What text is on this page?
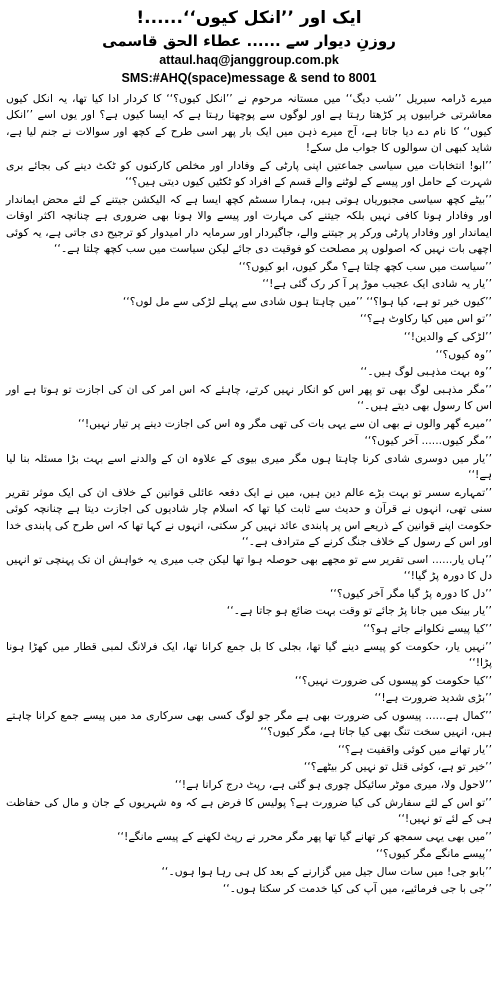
ایک اور ’’انکل کیوں‘‘......!
روزنِ دیوار سے ...... عطاء الحق قاسمی
attaul.haq@janggroup.com.pk
SMS:#AHQ(space)message & send to 8001

میرے ڈرامہ سیریل ’’شب دیگ‘‘ میں مستانہ مرحوم نے ’’انکل کیوں؟‘‘ کا کردار ادا کیا تھا، یہ انکل کیوں معاشرتی خرابیوں پر کڑھتا رہتا ہے اور لوگوں سے پوچھتا رہتا ہے کہ ایسا کیوں ہے؟ اور یوں اسے ’’انکل کیوں‘‘ کا نام دے دیا جاتا ہے، آج میرے ذہن میں ایک بار پھر اسی طرح کے کچھ اور سوالات نے جنم لیا ہے، شاید کبھی ان سوالوں کا جواب مل سکے!

’’ابو! انتخابات میں سیاسی جماعتیں اپنی پارٹی کے وفادار اور مخلص کارکنوں کو ٹکٹ دینے کی بجائے بری شہرت کے حامل اور پیسے کے لوٹنے والے قسم کے افراد کو ٹکٹیں کیوں دیتی ہیں؟‘‘

’’بیٹے کچھ سیاسی مجبوریاں ہوتی ہیں، ہمارا سسٹم کچھ ایسا ہے کہ الیکشن جیتنے کے لئے محض ایماندار اور وفادار ہونا کافی نہیں بلکہ جیتنے کی مہارت اور پیسے والا ہونا بھی ضروری ہے چنانچہ اکثر اوقات ایماندار اور وفادار پارٹی ورکر پر جیتنے والے، جاگیردار اور سرمایہ دار امیدوار کو ترجیح دی جاتی ہے، یہ کوئی اچھی بات نہیں کہ اصولوں پر مصلحت کو فوقیت دی جائے لیکن سیاست میں سب کچھ چلتا ہے۔‘‘

’’سیاست میں سب کچھ چلتا ہے؟ مگر کیوں، ابو کیوں؟‘‘

’’یار یہ شادی ایک عجیب موڑ پر آ کر رک گئی ہے!‘‘

’’کیوں خیر تو ہے، کیا ہوا؟‘‘ ’’میں چاہتا ہوں شادی سے پہلے لڑکی سے مل لوں؟‘‘

’’تو اس میں کیا رکاوٹ ہے؟‘‘

’’لڑکی کے والدین!‘‘

’’وہ کیوں؟‘‘

’’وہ بہت مذہبی لوگ ہیں۔‘‘

’’مگر مذہبی لوگ بھی تو پھر اس کو انکار نہیں کرتے، چاہئے کہ اس امر کی ان کی اجازت تو ہوتا ہے اور اس کا رسول بھی دیتے ہیں۔‘‘

’’میرے گھر والوں نے بھی ان سے یہی بات کی تھی مگر وہ اس کی اجازت دینے پر تیار نہیں!‘‘

’’مگر کیوں...... آخر کیوں؟‘‘

’’یار میں دوسری شادی کرنا چاہتا ہوں مگر میری بیوی کے علاوہ ان کے والدنے اسے بہت بڑا مسئلہ بنا لیا ہے!‘‘

’’تمہارے سسر تو بہت بڑے عالم دین ہیں، میں نے ایک دفعہ عائلی قوانین کے خلاف ان کی ایک موثر تقریر سنی تھی، انہوں نے قرآن و حدیث سے ثابت کیا تھا کہ اسلام چار شادیوں کی اجازت دیتا ہے چنانچہ کوئی حکومت اپنے قوانین کے ذریعے اس پر پابندی عائد نہیں کر سکتی، انہوں نے کہا تھا کہ اس طرح کی پابندی خدا اور اس کے رسول کے خلاف جنگ کرنے کے مترادف ہے۔‘‘

’’ہاں یار...... اسی تقریر سے تو مجھے بھی حوصلہ ہوا تھا لیکن جب میری یہ خواہش ان تک پہنچی تو انہیں دل کا دورہ پڑ گیا!‘‘

’’دل کا دورہ پڑ گیا مگر آخر کیوں؟‘‘

’’یار بینک میں جانا پڑ جائے تو وقت بہت ضائع ہو جاتا ہے۔‘‘

’’کیا پیسے نکلوانے جاتے ہو؟‘‘

’’نہیں یار، حکومت کو پیسے دینے گیا تھا، بجلی کا بل جمع کرانا تھا، ایک فرلانگ لمبی قطار میں کھڑا ہونا پڑا!‘‘

’’کیا حکومت کو پیسوں کی ضرورت نہیں؟‘‘

’’بڑی شدید ضرورت ہے!‘‘

’’کمال ہے...... پیسوں کی ضرورت بھی ہے مگر جو لوگ کسی بھی سرکاری مد میں پیسے جمع کرانا چاہتے ہیں، انہیں سخت تنگ بھی کیا جاتا ہے، مگر کیوں؟‘‘

’’یار تھانے میں کوئی واقفیت ہے؟‘‘

’’خیر تو ہے، کوئی قتل تو نہیں کر بیٹھے؟‘‘

’’لاحول ولا، میری موٹر سائیکل چوری ہو گئی ہے، رپٹ درج کرانا ہے!‘‘

’’تو اس کے لئے سفارش کی کیا ضرورت ہے؟ پولیس کا فرض ہے کہ وہ شہریوں کے جان و مال کی حفاظت ہی کے لئے تو نہیں!‘‘

’’میں بھی یہی سمجھ کر تھانے گیا تھا پھر مگر محرر نے رپٹ لکھنے کے پیسے مانگے!‘‘

’’پیسے مانگے مگر کیوں؟‘‘

’’بابو جی! میں سات سال جیل میں گزارنے کے بعد کل ہی رہا ہوا ہوں۔‘‘

’’جی با جی فرمائیے، میں آپ کی کیا خدمت کر سکتا ہوں۔‘‘
